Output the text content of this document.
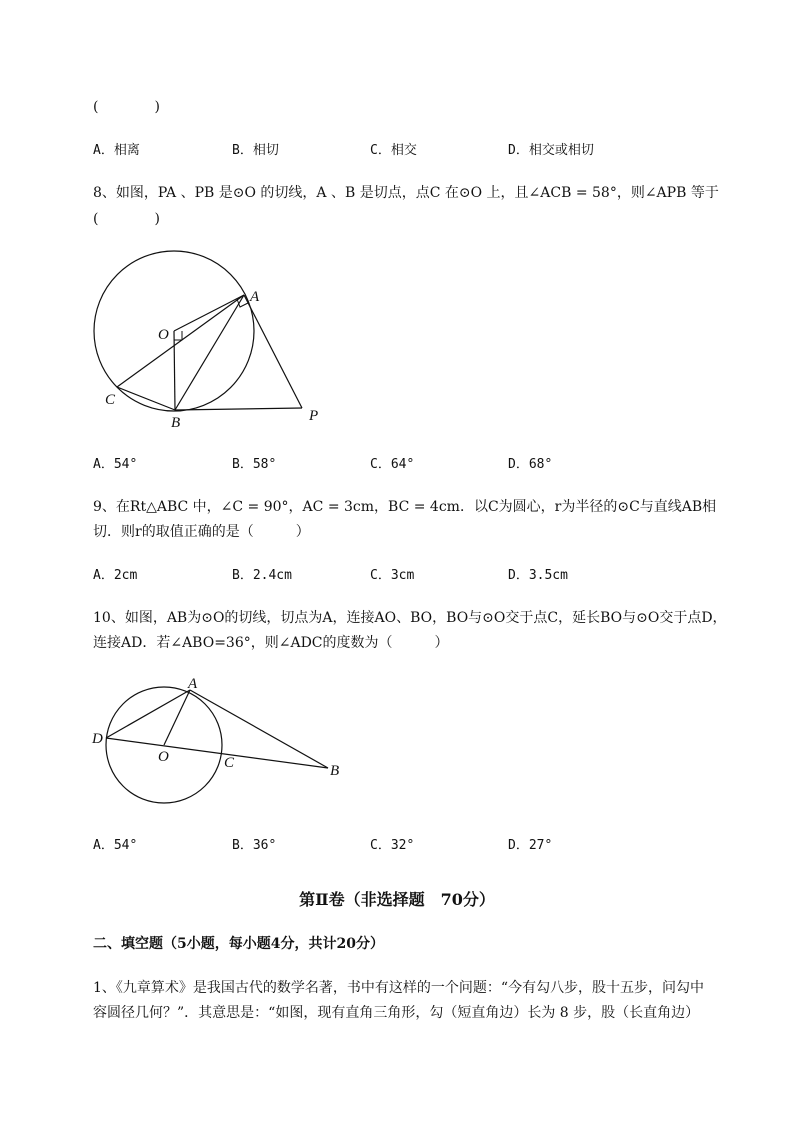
(　　　　)
A．相离	B．相切	C．相交	D．相交或相切
8、如图，PA 、PB 是⊙O 的切线，A 、B 是切点，点C 在⊙O 上，且∠ACB = 58°，则∠APB 等于
(　　　　)
A
O
C
B	P
A．54°	B．58°	C．64°	D．68°
9、在Rt△ABC 中，∠C = 90°，AC = 3cm，BC = 4cm．以C为圆心，r为半径的⊙C与直线AB相
切．则r的取值正确的是（　　　）
A．2cm	B．2.4cm	C．3cm	D．3.5cm
10、如图，AB为⊙O的切线，切点为A，连接AO、BO，BO与⊙O交于点C，延长BO与⊙O交于点D，
连接AD．若∠ABO=36°，则∠ADC的度数为（　　　）
A
D
O	C	B
A．54°	B．36°	C．32°	D．27°
第Ⅱ卷（非选择题　70分）
二、填空题（5小题，每小题4分，共计20分）
1、《九章算术》是我国古代的数学名著，书中有这样的一个问题：“今有勾八步，股十五步，问勾中
容圆径几何？”．其意思是：“如图，现有直角三角形，勾（短直角边）长为 8 步，股（长直角边）
